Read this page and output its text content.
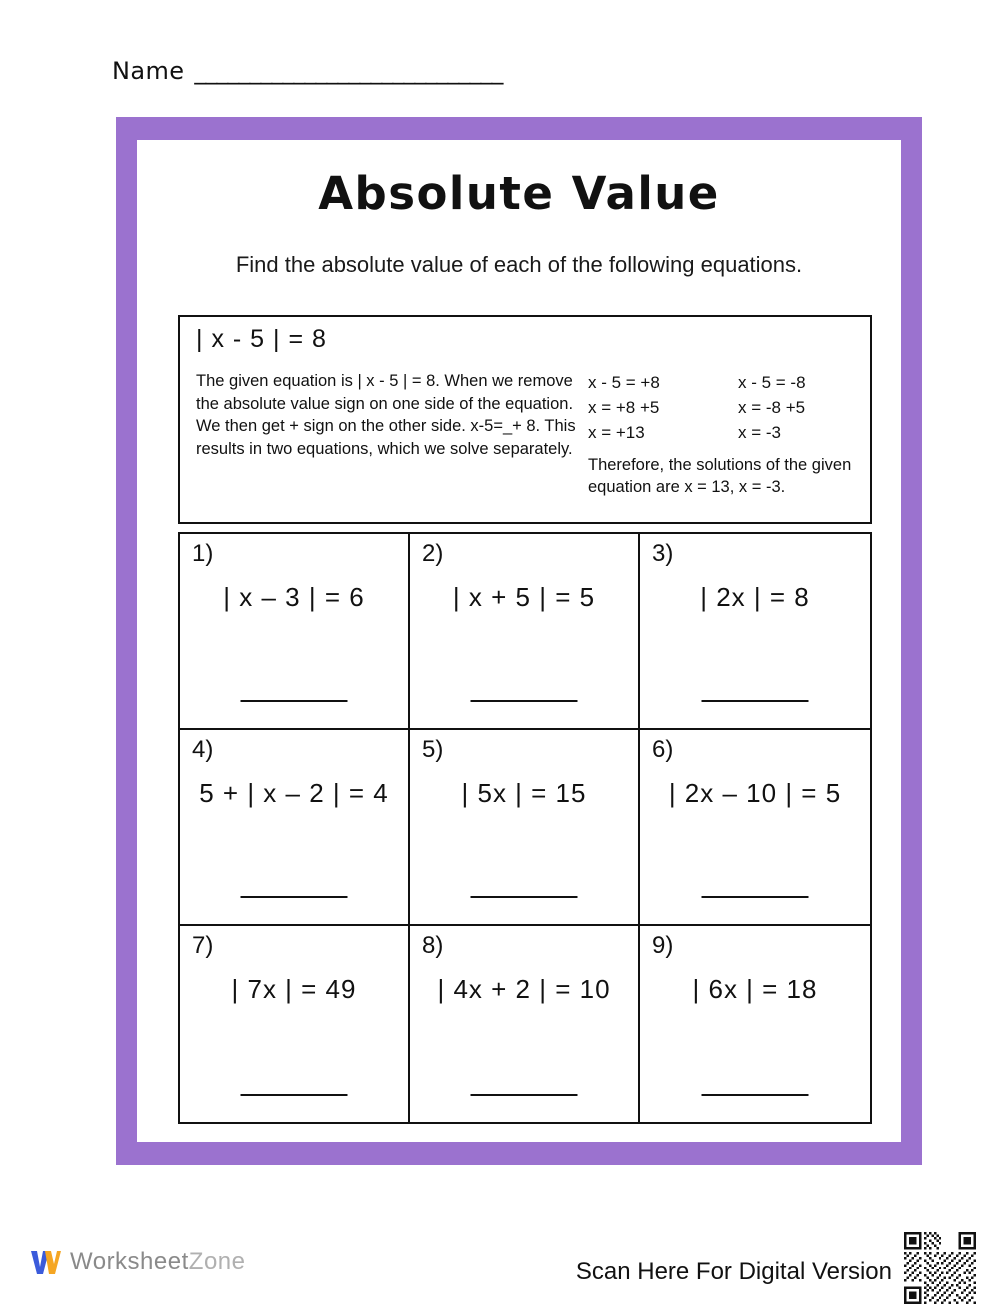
Name ____________________________
Absolute Value
Find the absolute value of each of the following equations.
| x - 5 | = 8
The given equation is | x - 5 | = 8. When we remove the absolute value sign on one side of the equation. We then get + sign on the other side. x-5=_+ 8. This results in two equations, which we solve separately.
x - 5 = +8	x - 5 = -8
x = +8 +5	x = -8 +5
x = +13	x = -3
Therefore, the solutions of the given equation are x = 13, x = -3.
1)
| x – 3 | = 6
2)
| x + 5 | = 5
3)
| 2x | = 8
4)
5 + | x – 2 | = 4
5)
| 5x | = 15
6)
| 2x – 10 | = 5
7)
| 7x | = 49
8)
| 4x + 2 | = 10
9)
| 6x | = 18
WorksheetZone	Scan Here For Digital Version
